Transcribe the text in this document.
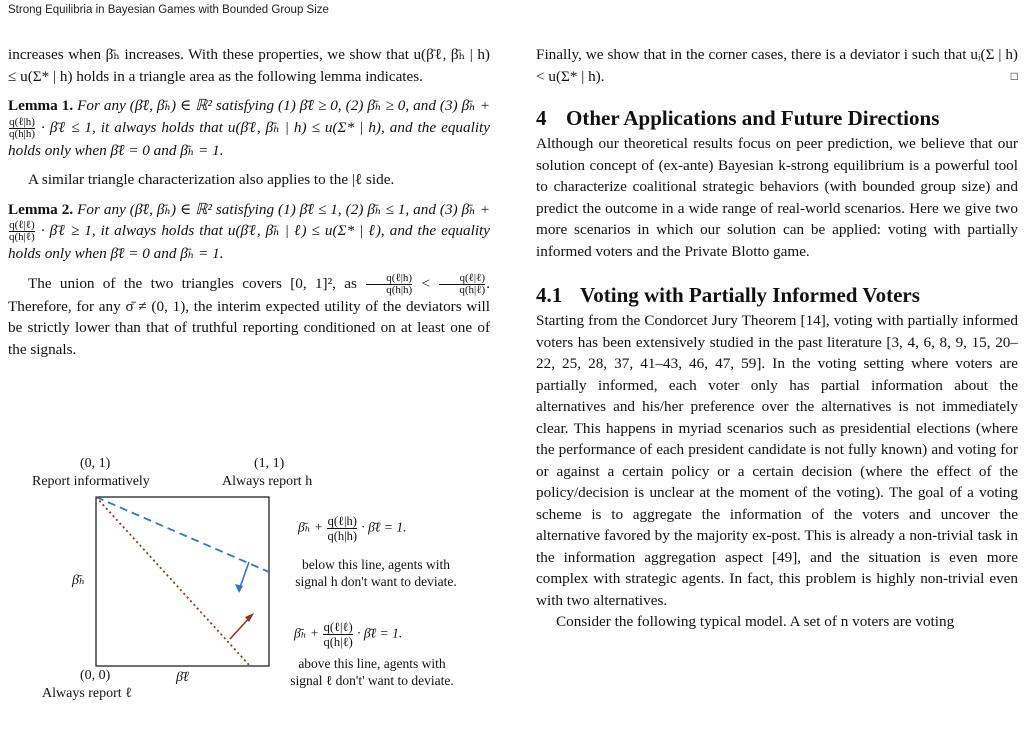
Strong Equilibria in Bayesian Games with Bounded Group Size

increases when β̄ₕ increases. With these properties, we show that u(β̄ℓ, β̄ₕ | h) ≤ u(Σ* | h) holds in a triangle area as the following lemma indicates.

Lemma 1. For any (β̄ℓ, β̄ₕ) ∈ ℝ² satisfying (1) β̄ℓ ≥ 0, (2) β̄ₕ ≥ 0, and (3) β̄ₕ +
$\frac{\text{q(ℓ|h)}}{q(h|h)}$ · β̄ℓ ≤ 1, it always holds that u(β̄ℓ, β̄ₕ | h) ≤ u(Σ* | h), and the equality holds only when β̄ℓ = 0 and β̄ₕ = 1.

A similar triangle characterization also applies to the |ℓ side.

Lemma 2. For any (β̄ℓ, β̄ₕ) ∈ ℝ² satisfying (1) β̄ℓ ≤ 1, (2) β̄ₕ ≤ 1, and (3) β̄ₕ +
$\frac{\text{q(ℓ|ℓ)}}{\text{q(h|ℓ)}}$ · β̄ℓ ≥ 1, it always holds that u(β̄ℓ, β̄ₕ | ℓ) ≤ u(Σ* | ℓ), and the equality holds only when β̄ℓ = 0 and β̄ₕ = 1.

The union of the two triangles covers [0, 1]², as $\frac{\text{q(ℓ|h)}}{q(h|h)} < \frac{\text{q(ℓ|ℓ)}}{\text{q(h|ℓ)}}$ . Therefore, for any σ̄ ≠ (0, 1), the interim expected utility of the deviators will be strictly lower than that of truthful reporting conditioned on at least one of the signals.

(0, 1)
Report informatively
(1, 1)
Always report h
(0, 0)
Always report ℓ
β̄ₕ
β̄ℓ
β̄ₕ + $\frac{\text{q(ℓ|h)}}{q(h|h)}$ · β̄ℓ = 1.
below this line, agents with
signal h don't want to deviate.
β̄ₕ + $\frac{\text{q(ℓ|ℓ)}}{\text{q(h|ℓ)}}$ · β̄ℓ = 1.
above this line, agents with
signal ℓ don't' want to deviate.

Finally, we show that in the corner cases, there is a deviator i such that uᵢ(Σ | h) < u(Σ* | h).	□

4 Other Applications and Future Directions

Although our theoretical results focus on peer prediction, we believe that our solution concept of (ex-ante) Bayesian k-strong equilibrium is a powerful tool to characterize coalitional strategic behaviors (with bounded group size) and predict the outcome in a wide range of real-world scenarios. Here we give two more scenarios in which our solution can be applied: voting with partially informed voters and the Private Blotto game.

4.1 Voting with Partially Informed Voters

Starting from the Condorcet Jury Theorem [14], voting with partially informed voters has been extensively studied in the past literature [3, 4, 6, 8, 9, 15, 20–22, 25, 28, 37, 41–43, 46, 47, 59]. In the voting setting where voters are partially informed, each voter only has partial information about the alternatives and his/her preference over the alternatives is not immediately clear. This happens in myriad scenarios such as presidential elections (where the performance of each president candidate is not fully known) and voting for or against a certain policy or a certain decision (where the effect of the policy/decision is unclear at the moment of the voting). The goal of a voting scheme is to aggregate the information of the voters and uncover the alternative favored by the majority ex-post. This is already a non-trivial task in the information aggregation aspect [49], and the situation is even more complex with strategic agents. In fact, this problem is highly non-trivial even with two alternatives.

Consider the following typical model. A set of n voters are voting
